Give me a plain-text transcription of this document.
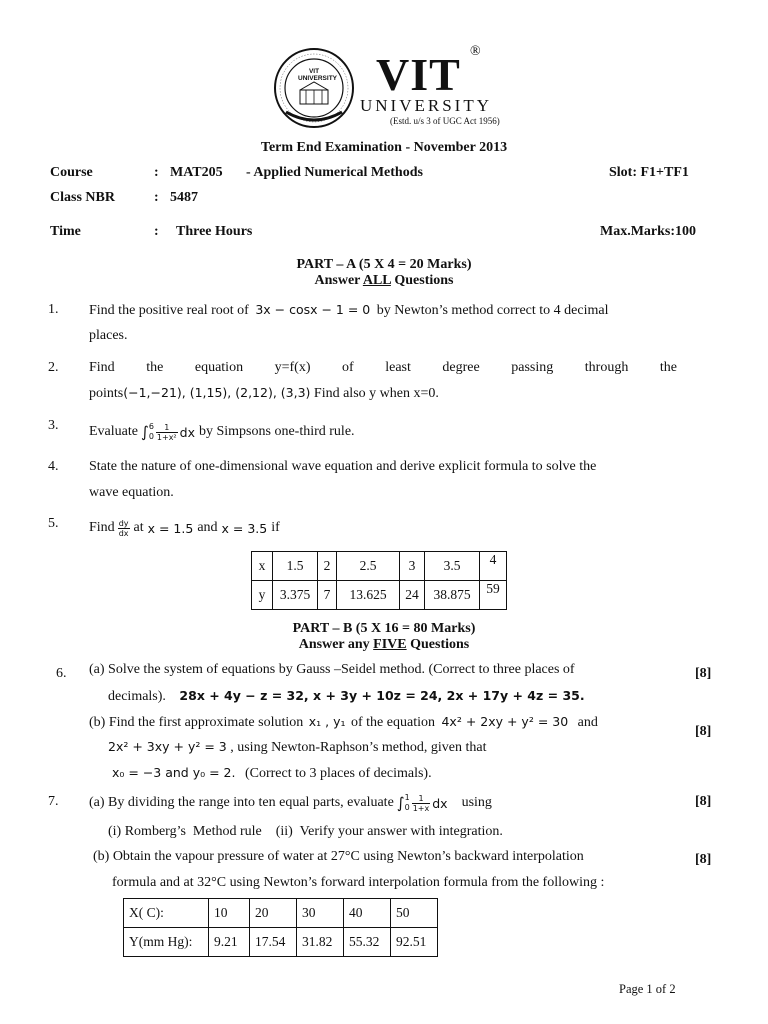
VIT UNIVERSITY VIT ®
UNIVERSITY
(Estd. u/s 3 of UGC Act 1956)
Term End Examination - November 2013
Course	: MAT205 - Applied Numerical Methods	Slot: F1+TF1
Class NBR	: 5487
Time	: Three Hours	Max.Marks:100
PART – A (5 X 4 = 20 Marks)
Answer ALL Questions
1. Find the positive real root of 3x − cosx − 1 = 0 by Newton’s method correct to 4 decimal
places.
2. Find the equation y=f(x) of least degree passing through the
points(−1,−21), (1,15), (2,12), (3,3) Find also y when x=0.
3. Evaluate ∫ 6
$0 \frac{1}{\text{1+x²}}$ dx by Simpsons one-third rule.
4. State the nature of one-dimensional wave equation and derive explicit formula to solve the
wave equation.
5. Find $\frac{dy}{dx}$ at x = 1.5 and x = 3.5 if
x	1.5	2	2.5	3	3.5	4
y	3.375	7	13.625	24	38.875	59
PART – B (5 X 16 = 80 Marks)
Answer any FIVE Questions
6. (a) Solve the system of equations by Gauss –Seidel method. (Correct to three places of
decimals). 28x + 4y − z = 32, x + 3y + 10z = 24, 2x + 17y + 4z = 35.
[8]
(b) Find the first approximate solution x₁ , y₁ of the equation 4x² + 2xy + y² = 30 and
2x² + 3xy + y² = 3 , using Newton-Raphson’s method, given that
x₀ = −3 and y₀ = 2. (Correct to 3 places of decimals).
[8]
7. (a) By dividing the range into ten equal parts, evaluate ∫ 1
$0 \frac{1}{1+x}$ dx using	[8]
(i) Romberg’s  Method rule    (ii)  Verify your answer with integration.
(b) Obtain the vapour pressure of water at 27°C using Newton’s backward interpolation	[8]
formula and at 32°C using Newton’s forward interpolation formula from the following :
X( C):	10	20	30	40	50
Y(mm Hg):	9.21	17.54	31.82	55.32	92.51
Page 1 of 2
